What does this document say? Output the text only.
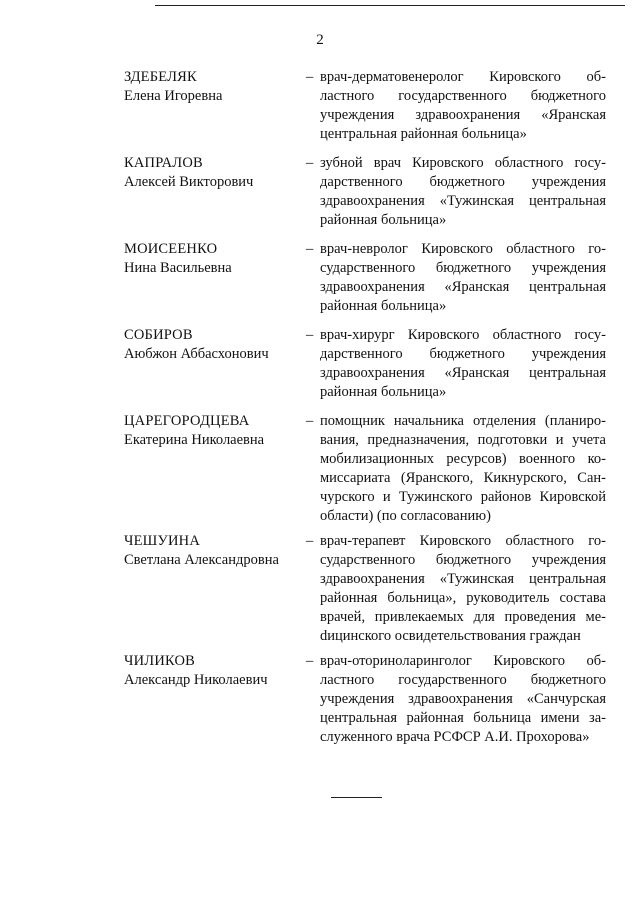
2
ЗДЕБЕЛЯК
Елена Игоревна
– врач-дерматовенеролог Кировского областного государственного бюджетного учреждения здравоохранения «Яранская центральная районная больница»
КАПРАЛОВ
Алексей Викторович
– зубной врач Кировского областного государственного бюджетного учреждения здравоохранения «Тужинская центральная районная больница»
МОИСЕЕНКО
Нина Васильевна
– врач-невролог Кировского областного государственного бюджетного учреждения здравоохранения «Яранская центральная районная больница»
СОБИРОВ
Аюбжон Аббасхонович
– врач-хирург Кировского областного государственного бюджетного учреждения здравоохранения «Яранская центральная районная больница»
ЦАРЕГОРОДЦЕВА
Екатерина Николаевна
– помощник начальника отделения (планирования, предназначения, подготовки и учета мобилизационных ресурсов) военного комиссариата (Яранского, Кикнурского, Санчурского и Тужинского районов Кировской области) (по согласованию)
ЧЕШУИНА
Светлана Александровна
– врач-терапевт Кировского областного государственного бюджетного учреждения здравоохранения «Тужинская центральная районная больница», руководитель состава врачей, привлекаемых для проведения меdицинского освидетельствования граждан
ЧИЛИКОВ
Александр Николаевич
– врач-оториноларинголог Кировского областного государственного бюджетного учреждения здравоохранения «Санчурская центральная районная больница имени заслуженного врача РСФСР А.И. Прохорова»
